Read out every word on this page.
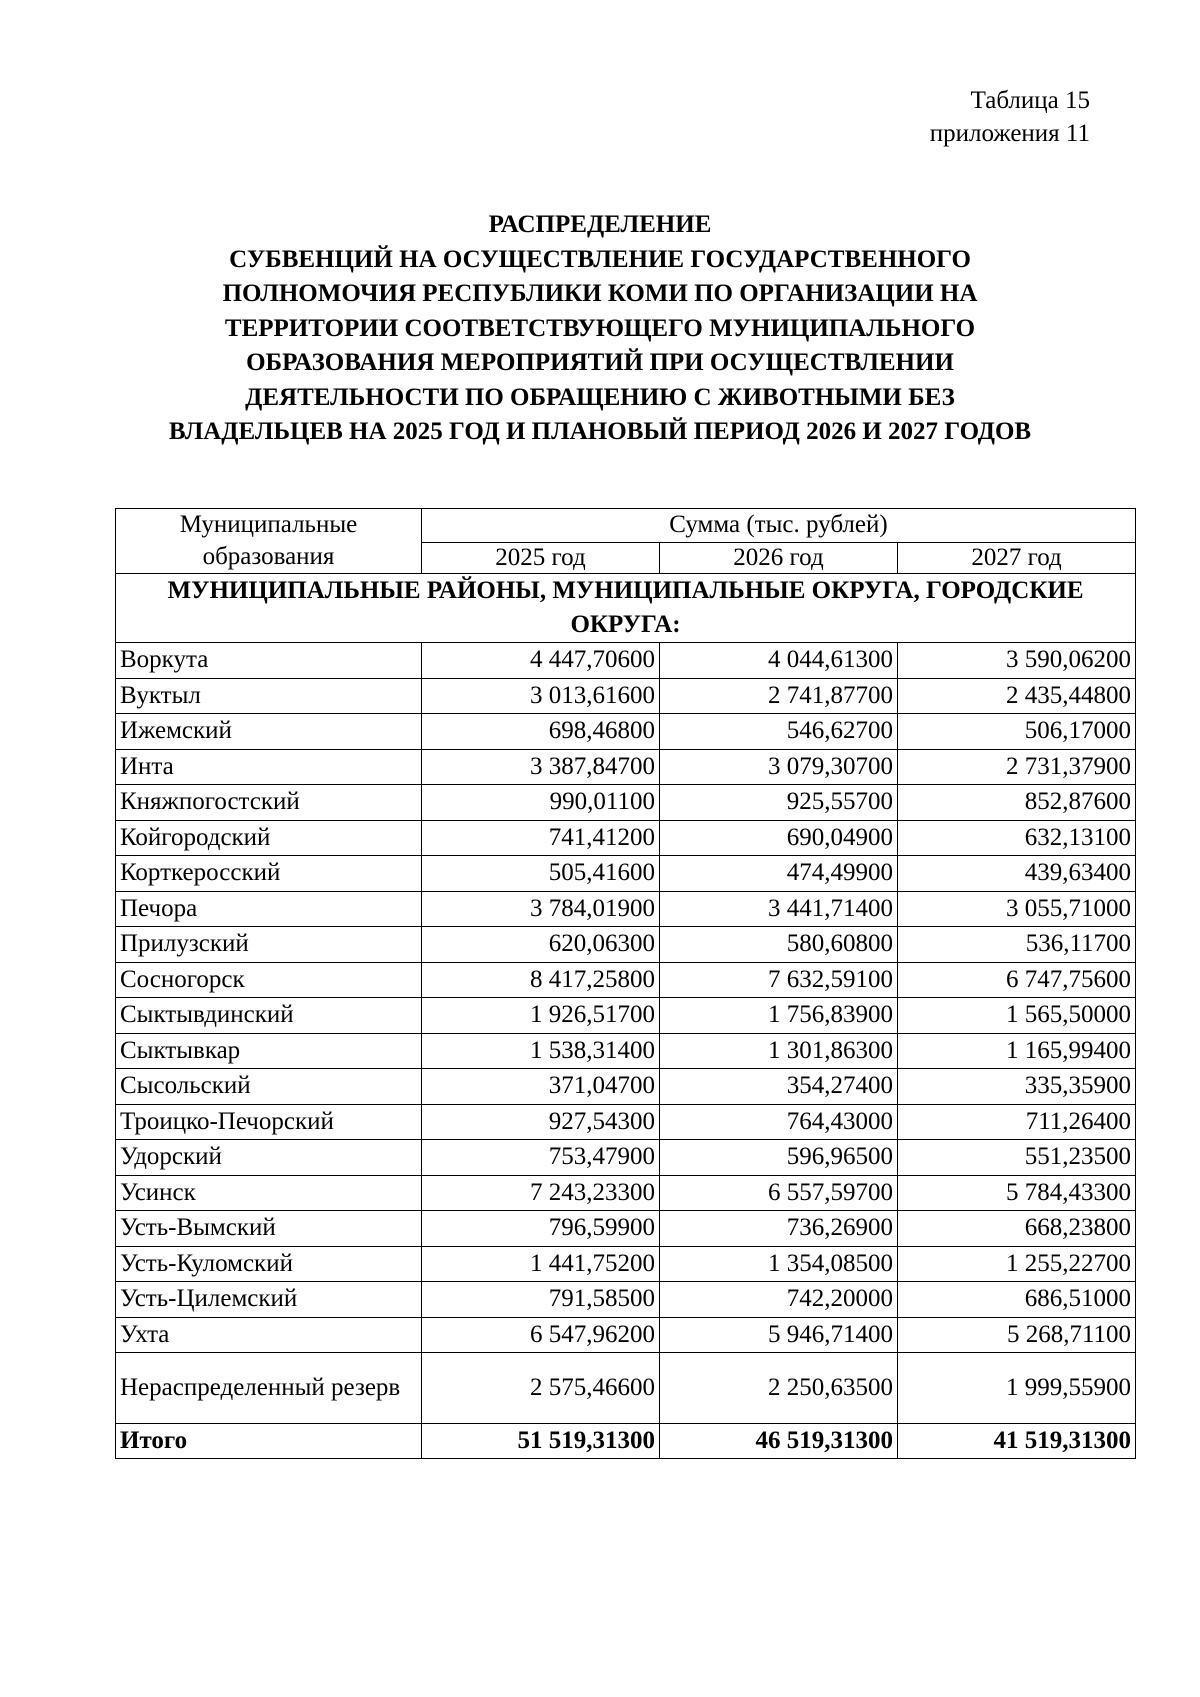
Таблица 15
приложения 11
РАСПРЕДЕЛЕНИЕ
СУБВЕНЦИЙ НА ОСУЩЕСТВЛЕНИЕ ГОСУДАРСТВЕННОГО
ПОЛНОМОЧИЯ РЕСПУБЛИКИ КОМИ ПО ОРГАНИЗАЦИИ НА
ТЕРРИТОРИИ СООТВЕТСТВУЮЩЕГО МУНИЦИПАЛЬНОГО
ОБРАЗОВАНИЯ МЕРОПРИЯТИЙ ПРИ ОСУЩЕСТВЛЕНИИ
ДЕЯТЕЛЬНОСТИ ПО ОБРАЩЕНИЮ С ЖИВОТНЫМИ БЕЗ
ВЛАДЕЛЬЦЕВ НА 2025 ГОД И ПЛАНОВЫЙ ПЕРИОД 2026 И 2027 ГОДОВ
Муниципальные образования	Сумма (тыс. рублей)		
	2025 год	2026 год	2027 год
МУНИЦИПАЛЬНЫЕ РАЙОНЫ, МУНИЦИПАЛЬНЫЕ ОКРУГА, ГОРОДСКИЕ ОКРУГА:			
Воркута	4 447,70600	4 044,61300	3 590,06200
Вуктыл	3 013,61600	2 741,87700	2 435,44800
Ижемский	698,46800	546,62700	506,17000
Инта	3 387,84700	3 079,30700	2 731,37900
Княжпогостский	990,01100	925,55700	852,87600
Койгородский	741,41200	690,04900	632,13100
Корткеросский	505,41600	474,49900	439,63400
Печора	3 784,01900	3 441,71400	3 055,71000
Прилузский	620,06300	580,60800	536,11700
Сосногорск	8 417,25800	7 632,59100	6 747,75600
Сыктывдинский	1 926,51700	1 756,83900	1 565,50000
Сыктывкар	1 538,31400	1 301,86300	1 165,99400
Сысольский	371,04700	354,27400	335,35900
Троицко-Печорский	927,54300	764,43000	711,26400
Удорский	753,47900	596,96500	551,23500
Усинск	7 243,23300	6 557,59700	5 784,43300
Усть-Вымский	796,59900	736,26900	668,23800
Усть-Куломский	1 441,75200	1 354,08500	1 255,22700
Усть-Цилемский	791,58500	742,20000	686,51000
Ухта	6 547,96200	5 946,71400	5 268,71100
Нераспределенный резерв	2 575,46600	2 250,63500	1 999,55900
Итого	51 519,31300	46 519,31300	41 519,31300
